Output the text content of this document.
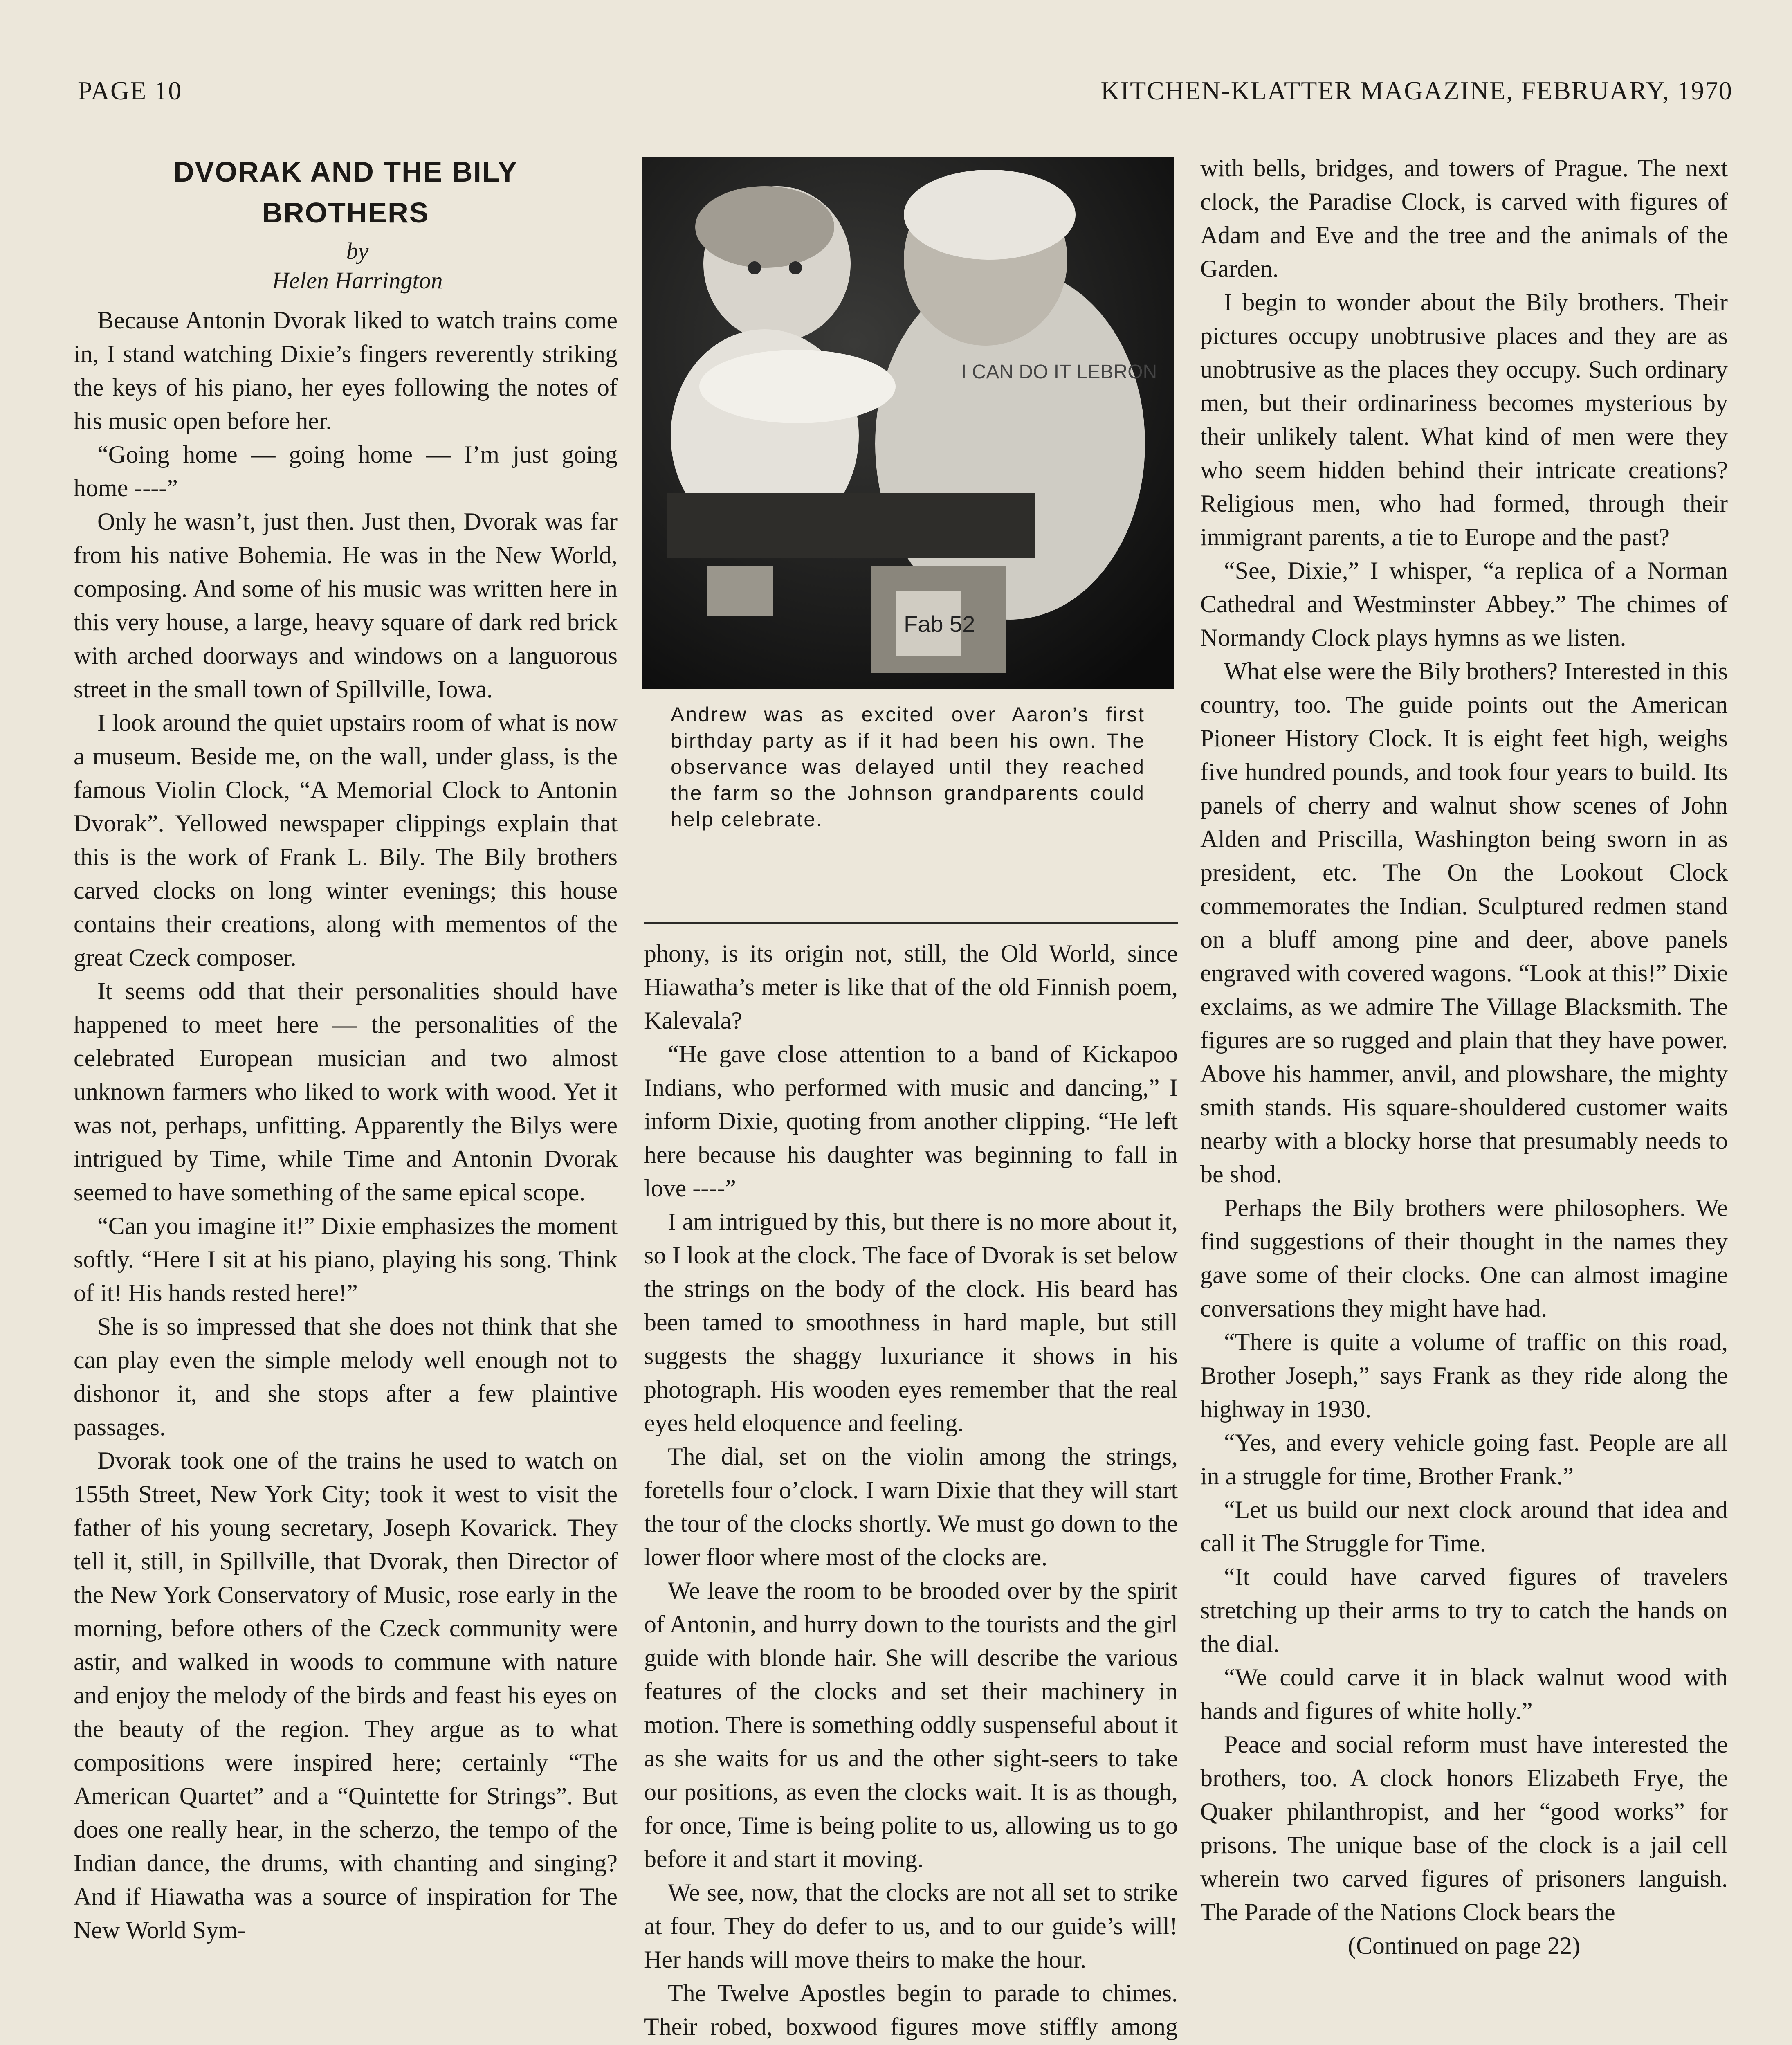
PAGE 10	KITCHEN-KLATTER MAGAZINE, FEBRUARY, 1970
DVORAK AND THE BILY
BROTHERS

by

Helen Harrington

Because Antonin Dvorak liked to watch trains come in, I stand watching Dixie’s fingers reverently striking the keys of his piano, her eyes following the notes of his music open before her.

“Going home — going home — I’m just going home ----”

Only he wasn’t, just then. Just then, Dvorak was far from his native Bohemia. He was in the New World, composing. And some of his music was written here in this very house, a large, heavy square of dark red brick with arched doorways and windows on a languorous street in the small town of Spillville, Iowa.

I look around the quiet upstairs room of what is now a museum. Beside me, on the wall, under glass, is the famous Violin Clock, “A Memorial Clock to Antonin Dvorak”. Yellowed newspaper clippings explain that this is the work of Frank L. Bily. The Bily brothers carved clocks on long winter evenings; this house contains their creations, along with mementos of the great Czeck composer.

It seems odd that their personalities should have happened to meet here — the personalities of the celebrated European musician and two almost unknown farmers who liked to work with wood. Yet it was not, perhaps, unfitting. Apparently the Bilys were intrigued by Time, while Time and Antonin Dvorak seemed to have something of the same epical scope.

“Can you imagine it!” Dixie emphasizes the moment softly. “Here I sit at his piano, playing his song. Think of it! His hands rested here!”

She is so impressed that she does not think that she can play even the simple melody well enough not to dishonor it, and she stops after a few plaintive passages.

Dvorak took one of the trains he used to watch on 155th Street, New York City; took it west to visit the father of his young secretary, Joseph Kovarick. They tell it, still, in Spillville, that Dvorak, then Director of the New York Conservatory of Music, rose early in the morning, before others of the Czeck community were astir, and walked in woods to commune with nature and enjoy the melody of the birds and feast his eyes on the beauty of the region. They argue as to what compositions were inspired here; certainly “The American Quartet” and a “Quintette for Strings”. But does one really hear, in the scherzo, the tempo of the Indian dance, the drums, with chanting and singing? And if Hiawatha was a source of inspiration for The New World Sym-

Fab 52
I CAN DO IT LEBRON

Andrew was as excited over Aaron’s first birthday party as if it had been his own. The observance was delayed until they reached the farm so the Johnson grandparents could help celebrate.

phony, is its origin not, still, the Old World, since Hiawatha’s meter is like that of the old Finnish poem, Kalevala?

“He gave close attention to a band of Kickapoo Indians, who performed with music and dancing,” I inform Dixie, quoting from another clipping. “He left here because his daughter was beginning to fall in love ----”

I am intrigued by this, but there is no more about it, so I look at the clock. The face of Dvorak is set below the strings on the body of the clock. His beard has been tamed to smoothness in hard maple, but still suggests the shaggy luxuriance it shows in his photograph. His wooden eyes remember that the real eyes held eloquence and feeling.

The dial, set on the violin among the strings, foretells four o’clock. I warn Dixie that they will start the tour of the clocks shortly. We must go down to the lower floor where most of the clocks are.

We leave the room to be brooded over by the spirit of Antonin, and hurry down to the tourists and the girl guide with blonde hair. She will describe the various features of the clocks and set their machinery in motion. There is something oddly suspenseful about it as she waits for us and the other sight-seers to take our positions, as even the clocks wait. It is as though, for once, Time is being polite to us, allowing us to go before it and start it moving.

We see, now, that the clocks are not all set to strike at four. They do defer to us, and to our guide’s will! Her hands will move theirs to make the hour.

The Twelve Apostles begin to parade to chimes. Their robed, boxwood figures move stiffly among

with bells, bridges, and towers of Prague. The next clock, the Paradise Clock, is carved with figures of Adam and Eve and the tree and the animals of the Garden.

I begin to wonder about the Bily brothers. Their pictures occupy unobtrusive places and they are as unobtrusive as the places they occupy. Such ordinary men, but their ordinariness becomes mysterious by their unlikely talent. What kind of men were they who seem hidden behind their intricate creations? Religious men, who had formed, through their immigrant parents, a tie to Europe and the past?

“See, Dixie,” I whisper, “a replica of a Norman Cathedral and Westminster Abbey.” The chimes of Normandy Clock plays hymns as we listen.

What else were the Bily brothers? Interested in this country, too. The guide points out the American Pioneer History Clock. It is eight feet high, weighs five hundred pounds, and took four years to build. Its panels of cherry and walnut show scenes of John Alden and Priscilla, Washington being sworn in as president, etc. The On the Lookout Clock commemorates the Indian. Sculptured redmen stand on a bluff among pine and deer, above panels engraved with covered wagons. “Look at this!” Dixie exclaims, as we admire The Village Blacksmith. The figures are so rugged and plain that they have power. Above his hammer, anvil, and plowshare, the mighty smith stands. His square-shouldered customer waits nearby with a blocky horse that presumably needs to be shod.

Perhaps the Bily brothers were philosophers. We find suggestions of their thought in the names they gave some of their clocks. One can almost imagine conversations they might have had.

“There is quite a volume of traffic on this road, Brother Joseph,” says Frank as they ride along the highway in 1930.

“Yes, and every vehicle going fast. People are all in a struggle for time, Brother Frank.”

“Let us build our next clock around that idea and call it The Struggle for Time.

“It could have carved figures of travelers stretching up their arms to try to catch the hands on the dial.

“We could carve it in black walnut wood with hands and figures of white holly.”

Peace and social reform must have interested the brothers, too. A clock honors Elizabeth Frye, the Quaker philanthropist, and her “good works” for prisons. The unique base of the clock is a jail cell wherein two carved figures of prisoners languish. The Parade of the Nations Clock bears the

(Continued on page 22)
